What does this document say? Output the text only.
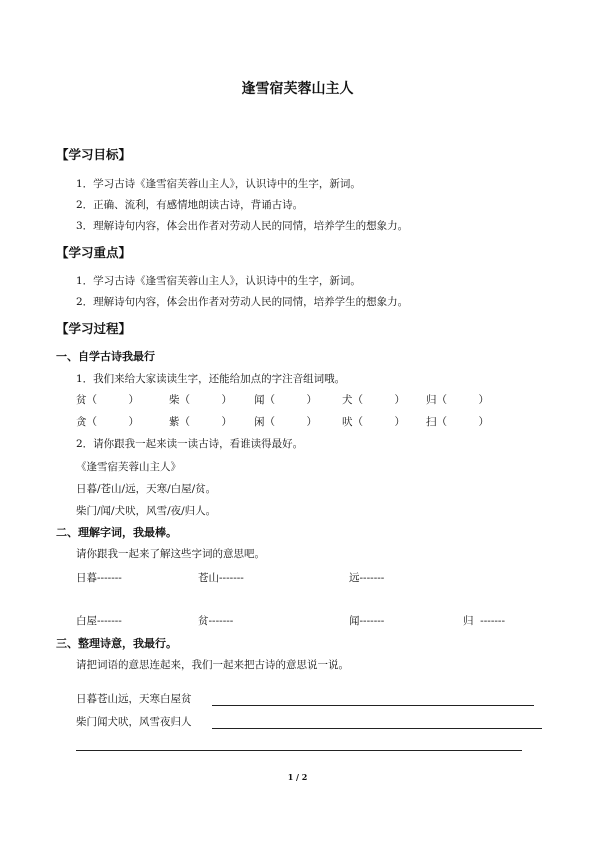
逢雪宿芙蓉山主人
【学习目标】
1．学习古诗《逢雪宿芙蓉山主人》，认识诗中的生字，新词。
2．正确、流利，有感情地朗读古诗，背诵古诗。
3．理解诗句内容，体会出作者对劳动人民的同情，培养学生的想象力。
【学习重点】
1．学习古诗《逢雪宿芙蓉山主人》，认识诗中的生字，新词。
2．理解诗句内容，体会出作者对劳动人民的同情，培养学生的想象力。
【学习过程】
一、自学古诗我最行
1．我们来给大家读读生字，还能给加点的字注音组词哦。
贫（　　　）	柴（　　　） 闻（　　　） 犬（　　　） 归（　　　）
贪（　　　）	紫（　　　） 闲（　　　） 吠（　　　） 扫（　　　）
2．请你跟我一起来读一读古诗，看谁读得最好。
《逢雪宿芙蓉山主人》
日暮/苍山/远，天寒/白屋/贫。
柴门/闻/犬吠，风雪/夜/归人。
二、理解字词，我最棒。
请你跟我一起来了解这些字词的意思吧。
日暮-------	苍山-------	远-------
白屋-------	贫-------	闻-------	归  -------
三、整理诗意，我最行。
请把词语的意思连起来，我们一起来把古诗的意思说一说。
日暮苍山远，天寒白屋贫
柴门闻犬吠，风雪夜归人
1 / 2
